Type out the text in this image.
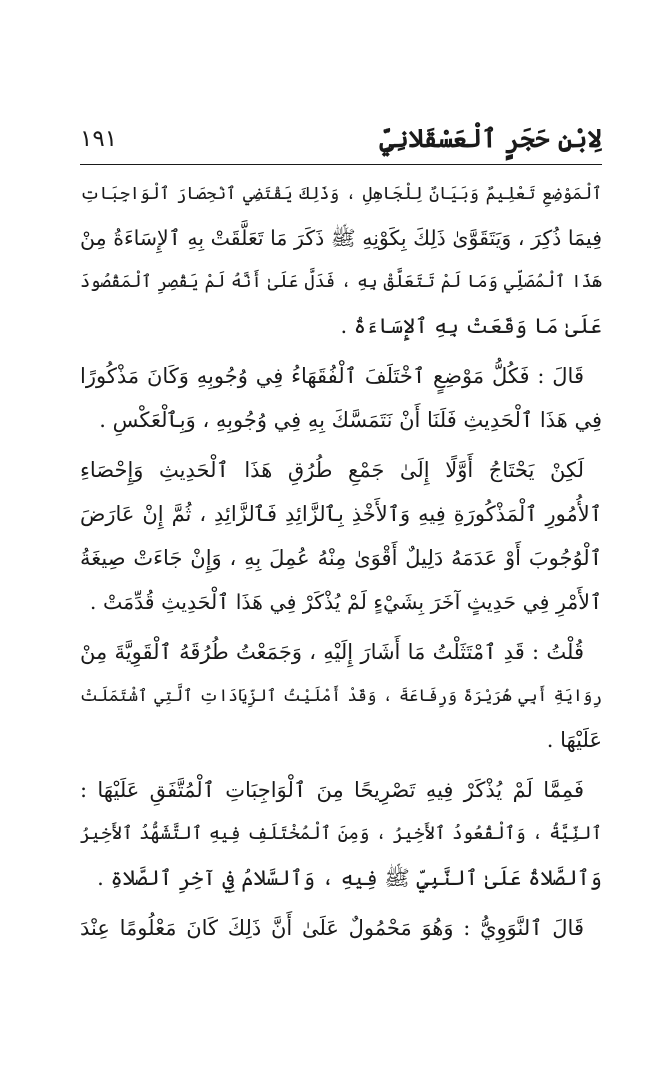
لِابْنِ حَجَرٍ ٱلْعَسْقَلانِيِّ
١٩١
ٱلْمَوْضِعِ تَعْلِيمٌ وَبَيَانٌ لِلْجَاهِلِ ، وَذَلِكَ يَقْتَضِي ٱنْحِصَارَ ٱلْوَاجِبَاتِ
فِيمَا ذُكِرَ ، وَيَتَقَوَّىٰ ذَلِكَ بِكَوْنِهِ ﷺ ذَكَرَ مَا تَعَلَّقَتْ بِهِ ٱلإِسَاءَةُ مِنْ
هَذَا ٱلْمُصَلِّي وَمَا لَمْ تَتَعَلَّقْ بِهِ ، فَدَلَّ عَلَىٰ أَنَّهُ لَمْ يَقْصِرِ ٱلْمَقْصُودَ
عَلَىٰ مَا وَقَعَتْ بِهِ ٱلإِسَاءَةُ .
قَالَ : فَكُلُّ مَوْضِعٍ ٱخْتَلَفَ ٱلْفُقَهَاءُ فِي وُجُوبِهِ وَكَانَ مَذْكُورًا
فِي هَذَا ٱلْحَدِيثِ فَلَنَا أَنْ نَتَمَسَّكَ بِهِ فِي وُجُوبِهِ ، وَبِٱلْعَكْسِ .
لَكِنْ يَحْتَاجُ أَوَّلًا إِلَىٰ جَمْعِ طُرُقِ هَذَا ٱلْحَدِيثِ وَإِحْصَاءِ
ٱلأُمُورِ ٱلْمَذْكُورَةِ فِيهِ وَٱلأَخْذِ بِٱلزَّائِدِ فَٱلزَّائِدِ ، ثُمَّ إِنْ عَارَضَ
ٱلْوُجُوبَ أَوْ عَدَمَهُ دَلِيلٌ أَقْوَىٰ مِنْهُ عُمِلَ بِهِ ، وَإِنْ جَاءَتْ صِيغَةُ
ٱلأَمْرِ فِي حَدِيثٍ آخَرَ بِشَيْءٍ لَمْ يُذْكَرْ فِي هَذَا ٱلْحَدِيثِ قُدِّمَتْ .
قُلْتُ : قَدِ ٱمْتَثَلْتُ مَا أَشَارَ إِلَيْهِ ، وَجَمَعْتُ طُرُقَهُ ٱلْقَوِيَّةَ مِنْ
رِوَايَةِ أَبِي هُرَيْرَةَ وَرِفَاعَةَ ، وَقَدْ أَمْلَيْتُ ٱلزِّيَادَاتِ ٱلَّتِي ٱشْتَمَلَتْ
عَلَيْهَا .
فَمِمَّا لَمْ يُذْكَرْ فِيهِ تَصْرِيحًا مِنَ ٱلْوَاجِبَاتِ ٱلْمُتَّفَقِ عَلَيْهَا :
ٱلنِّيَّةُ ، وَٱلْقُعُودُ ٱلأَخِيرُ ، وَمِنَ ٱلْمُخْتَلَفِ فِيهِ ٱلتَّشَهُّدُ ٱلأَخِيرُ
وَٱلصَّلاةُ عَلَىٰ ٱلنَّبِيِّ ﷺ فِيهِ ، وَٱلسَّلامُ فِي آخِرِ ٱلصَّلاةِ .
قَالَ ٱلنَّوَوِيُّ : وَهُوَ مَحْمُولٌ عَلَىٰ أَنَّ ذَلِكَ كَانَ مَعْلُومًا عِنْدَ
